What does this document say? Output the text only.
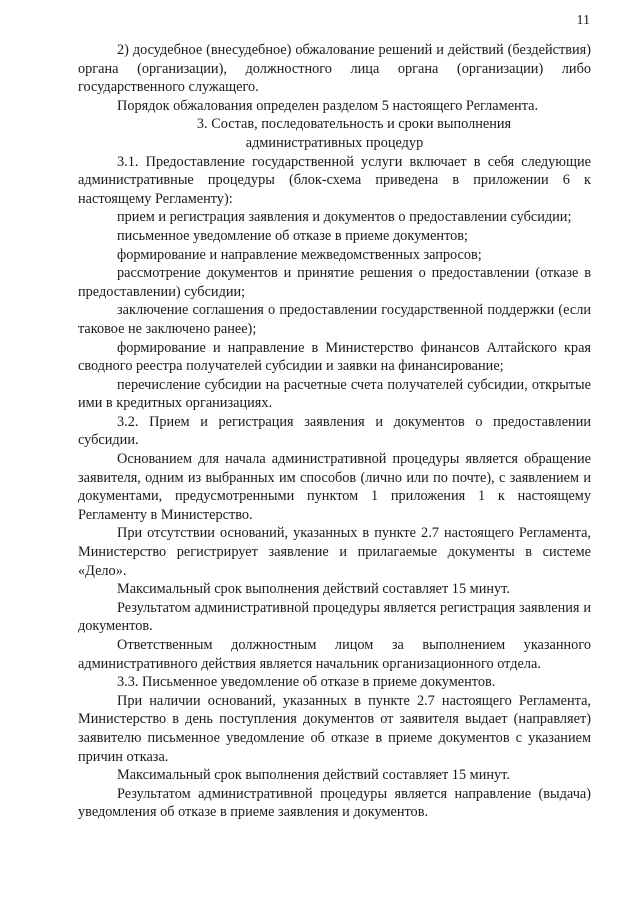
11

2) досудебное (внесудебное) обжалование решений и действий (бездействия) органа (организации), должностного лица органа (организации) либо государственного служащего.

Порядок обжалования определен разделом 5 настоящего Регламента.

3. Состав, последовательность и сроки выполнения административных процедур

3.1. Предоставление государственной услуги включает в себя следующие административные процедуры (блок-схема приведена в приложении 6 к настоящему Регламенту):

прием и регистрация заявления и документов о предоставлении субсидии;

письменное уведомление об отказе в приеме документов;

формирование и направление межведомственных запросов;

рассмотрение документов и принятие решения о предоставлении (отказе в предоставлении) субсидии;

заключение соглашения о предоставлении государственной поддержки (если таковое не заключено ранее);

формирование и направление в Министерство финансов Алтайского края сводного реестра получателей субсидии и заявки на финансирование;

перечисление субсидии на расчетные счета получателей субсидии, открытые ими в кредитных организациях.

3.2. Прием и регистрация заявления и документов о предоставлении субсидии.

Основанием для начала административной процедуры является обращение заявителя, одним из выбранных им способов (лично или по почте), с заявлением и документами, предусмотренными пунктом 1 приложения 1 к настоящему Регламенту в Министерство.

При отсутствии оснований, указанных в пункте 2.7 настоящего Регламента, Министерство регистрирует заявление и прилагаемые документы в системе «Дело».

Максимальный срок выполнения действий составляет 15 минут.

Результатом административной процедуры является регистрация заявления и документов.

Ответственным должностным лицом за выполнением указанного административного действия является начальник организационного отдела.

3.3. Письменное уведомление об отказе в приеме документов.

При наличии оснований, указанных в пункте 2.7 настоящего Регламента, Министерство в день поступления документов от заявителя выдает (направляет) заявителю письменное уведомление об отказе в приеме документов с указанием причин отказа.

Максимальный срок выполнения действий составляет 15 минут.

Результатом административной процедуры является направление (выдача) уведомления об отказе в приеме заявления и документов.
